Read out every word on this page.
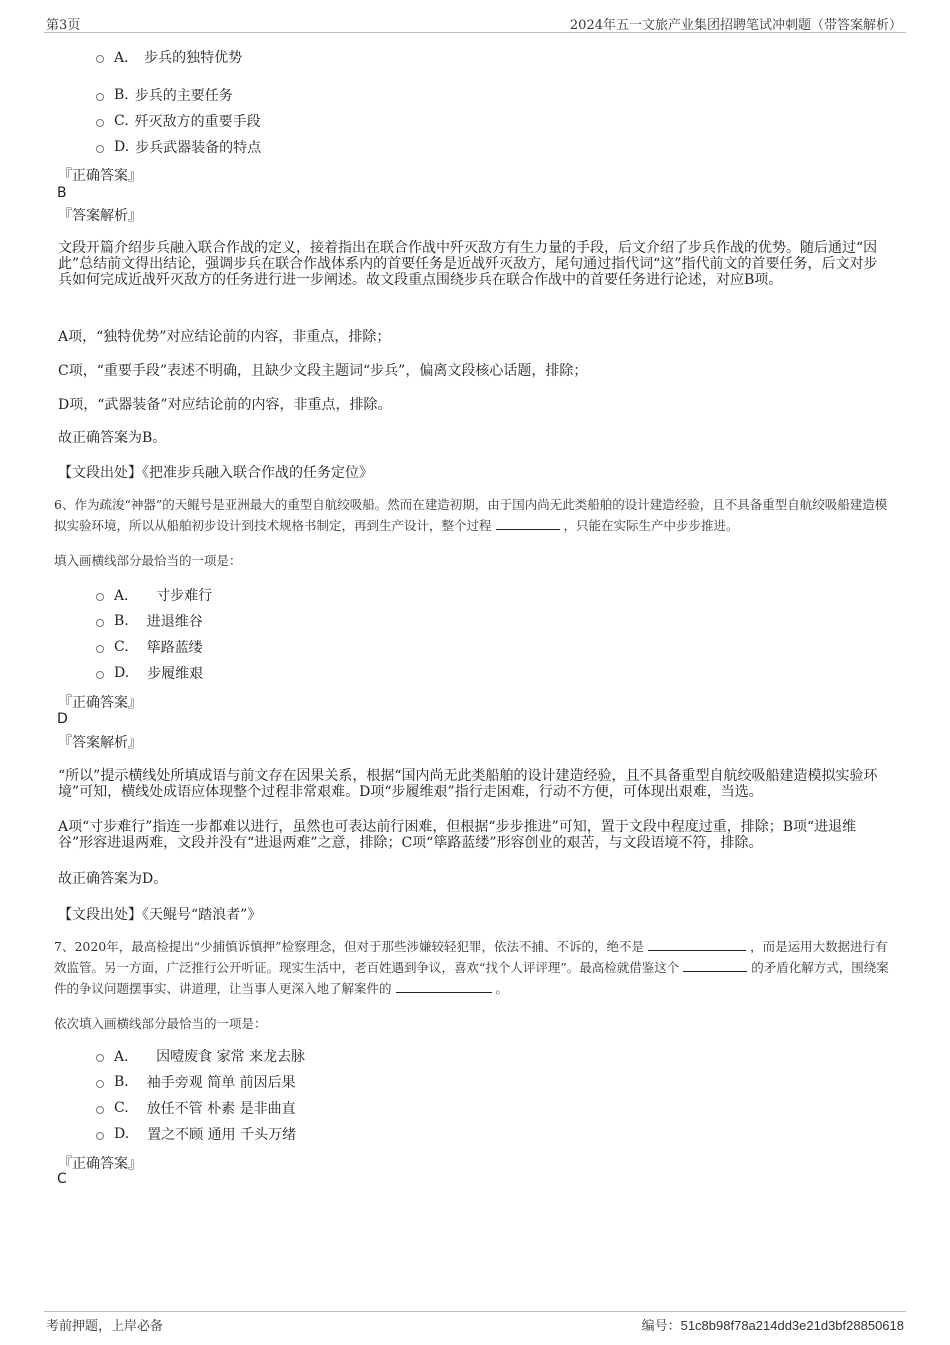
第3页	2024年五一文旅产业集团招聘笔试冲刺题（带答案解析）
A． 步兵的独特优势
B. 步兵的主要任务
C. 歼灭敌方的重要手段
D. 步兵武器装备的特点
『正确答案』
B
『答案解析』
文段开篇介绍步兵融入联合作战的定义，接着指出在联合作战中歼灭敌方有生力量的手段，后文介绍了步兵作战的优势。随后通过“因此”总结前文得出结论，强调步兵在联合作战体系内的首要任务是近战歼灭敌方，尾句通过指代词“这”指代前文的首要任务，后文对步兵如何完成近战歼灭敌方的任务进行进一步阐述。故文段重点围绕步兵在联合作战中的首要任务进行论述，对应B项。
A项，“独特优势”对应结论前的内容，非重点，排除；
C项，“重要手段”表述不明确，且缺少文段主题词“步兵”，偏离文段核心话题，排除；
D项，“武器装备”对应结论前的内容，非重点，排除。
故正确答案为B。
【文段出处】《把准步兵融入联合作战的任务定位》
6、作为疏浚“神器”的天鲲号是亚洲最大的重型自航绞吸船。然而在建造初期，由于国内尚无此类船舶的设计建造经验，且不具备重型自航绞吸船建造模拟实验环境，所以从船舶初步设计到技术规格书制定，再到生产设计，整个过程	，只能在实际生产中步步推进。
填入画横线部分最恰当的一项是：
A． 寸步难行
B. 进退维谷
C. 筚路蓝缕
D. 步履维艰
『正确答案』
D
『答案解析』
“所以”提示横线处所填成语与前文存在因果关系，根据“国内尚无此类船舶的设计建造经验，且不具备重型自航绞吸船建造模拟实验环境”可知，横线处成语应体现整个过程非常艰难。D项“步履维艰”指行走困难，行动不方便，可体现出艰难，当选。
A项“寸步难行”指连一步都难以进行，虽然也可表达前行困难，但根据“步步推进”可知，置于文段中程度过重，排除；B项“进退维谷”形容进退两难，文段并没有“进退两难”之意，排除；C项“筚路蓝缕”形容创业的艰苦，与文段语境不符，排除。
故正确答案为D。
【文段出处】《天鲲号“踏浪者”》
7、2020年，最高检提出“少捕慎诉慎押”检察理念，但对于那些涉嫌较轻犯罪，依法不捕、不诉的，绝不是	，而是运用大数据进行有效监管。另一方面，广泛推行公开听证。现实生活中，老百姓遇到争议，喜欢“找个人评评理”。最高检就借鉴这个	的矛盾化解方式，围绕案件的争议问题摆事实、讲道理，让当事人更深入地了解案件的	。
依次填入画横线部分最恰当的一项是：
A． 因噎废食 家常 来龙去脉
B. 袖手旁观 简单 前因后果
C. 放任不管 朴素 是非曲直
D. 置之不顾 通用 千头万绪
『正确答案』
C
考前押题，上岸必备	编号：51c8b98f78a214dd3e21d3bf28850618
